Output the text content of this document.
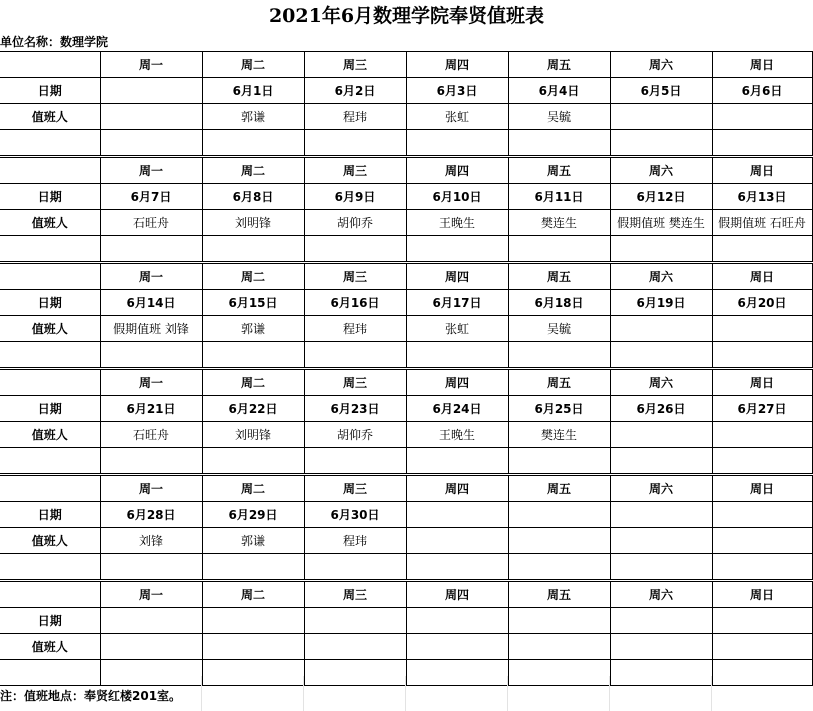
2021年6月数理学院奉贤值班表
单位名称：数理学院
	周一	周二	周三	周四	周五	周六	周日
日期		6月1日	6月2日	6月3日	6月4日	6月5日	6月6日
值班人		郭谦	程玮	张虹	吴毓		

	周一	周二	周三	周四	周五	周六	周日
日期	6月7日	6月8日	6月9日	6月10日	6月11日	6月12日	6月13日
值班人	石旺舟	刘明锋	胡仰乔	王晚生	樊连生	假期值班 樊连生	假期值班 石旺舟

	周一	周二	周三	周四	周五	周六	周日
日期	6月14日	6月15日	6月16日	6月17日	6月18日	6月19日	6月20日
值班人	假期值班 刘锋	郭谦	程玮	张虹	吴毓		

	周一	周二	周三	周四	周五	周六	周日
日期	6月21日	6月22日	6月23日	6月24日	6月25日	6月26日	6月27日
值班人	石旺舟	刘明锋	胡仰乔	王晚生	樊连生		

	周一	周二	周三	周四	周五	周六	周日
日期	6月28日	6月29日	6月30日				
值班人	刘锋	郭谦	程玮				

	周一	周二	周三	周四	周五	周六	周日
日期							
值班人							

注：值班地点：奉贤红楼201室。
